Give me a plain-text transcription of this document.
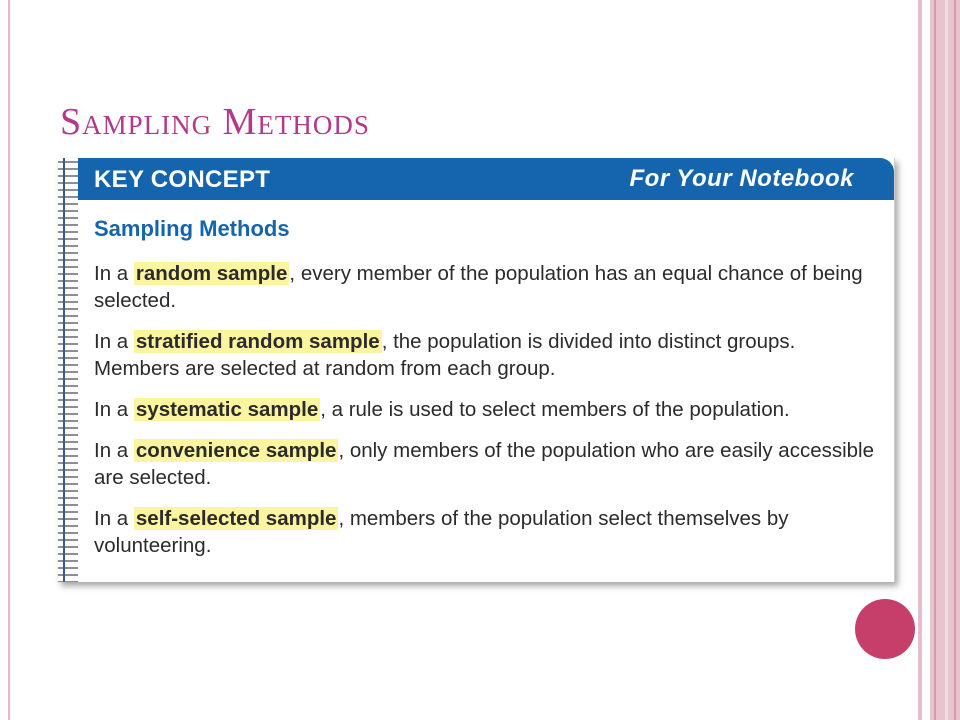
Sampling Methods
KEY CONCEPT	For Your Notebook
Sampling Methods
In a random sample, every member of the population has an equal chance of being selected.
In a stratified random sample, the population is divided into distinct groups. Members are selected at random from each group.
In a systematic sample, a rule is used to select members of the population.
In a convenience sample, only members of the population who are easily accessible are selected.
In a self-selected sample, members of the population select themselves by volunteering.
